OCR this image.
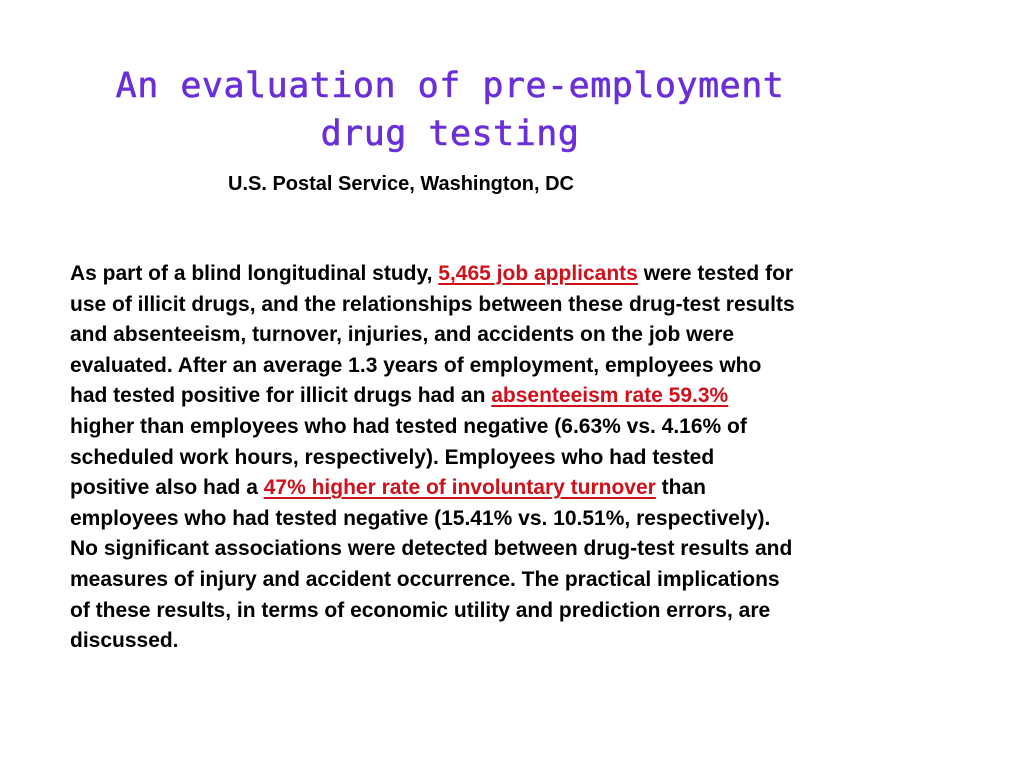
An evaluation of pre-employment
drug testing

U.S. Postal Service, Washington, DC

As part of a blind longitudinal study, 5,465 job applicants were tested for
use of illicit drugs, and the relationships between these drug-test results
and absenteeism, turnover, injuries, and accidents on the job were
evaluated. After an average 1.3 years of employment, employees who
had tested positive for illicit drugs had an absenteeism rate 59.3%
higher than employees who had tested negative (6.63% vs. 4.16% of
scheduled work hours, respectively). Employees who had tested
positive also had a 47% higher rate of involuntary turnover than
employees who had tested negative (15.41% vs. 10.51%, respectively).
No significant associations were detected between drug-test results and
measures of injury and accident occurrence. The practical implications
of these results, in terms of economic utility and prediction errors, are
discussed.
